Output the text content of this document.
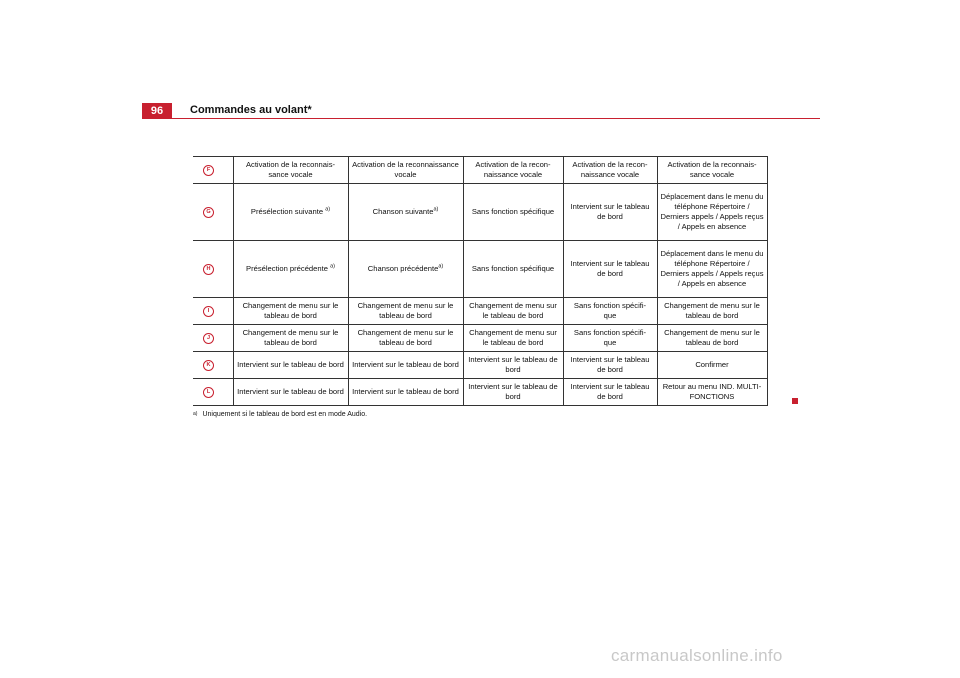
96	Commandes au volant*
F	Activation de la reconnais-
sance vocale	Activation de la reconnaissance vocale	Activation de la recon-
naissance vocale	Activation de la recon-
naissance vocale	Activation de la reconnais-
sance vocale
G	Présélection suivante $^{a)}$	Chanson suivante$^{a)}$	Sans fonction spécifique	Intervient sur le tableau
de bord	Déplacement dans le menu du téléphone Répertoire / Derniers appels / Appels reçus / Appels en absence
H	Présélection précédente $^{a)}$	Chanson précédente$^{a)}$	Sans fonction spécifique	Intervient sur le tableau
de bord	Déplacement dans le menu du téléphone Répertoire / Derniers appels / Appels reçus / Appels en absence
I	Changement de menu sur le tableau de bord	Changement de menu sur le tableau de bord	Changement de menu sur le tableau de bord	Sans fonction spécifi-
que	Changement de menu sur le tableau de bord
J	Changement de menu sur le tableau de bord	Changement de menu sur le tableau de bord	Changement de menu sur le tableau de bord	Sans fonction spécifi-
que	Changement de menu sur le tableau de bord
K	Intervient sur le tableau de bord	Intervient sur le tableau de bord	Intervient sur le tableau de bord	Intervient sur le tableau de bord	Confirmer
L	Intervient sur le tableau de bord	Intervient sur le tableau de bord	Intervient sur le tableau de bord	Intervient sur le tableau de bord	Retour au menu IND. MULTI-FONCTIONS
$^{a)}$ Uniquement si le tableau de bord est en mode Audio.
carmanualsonline.info
